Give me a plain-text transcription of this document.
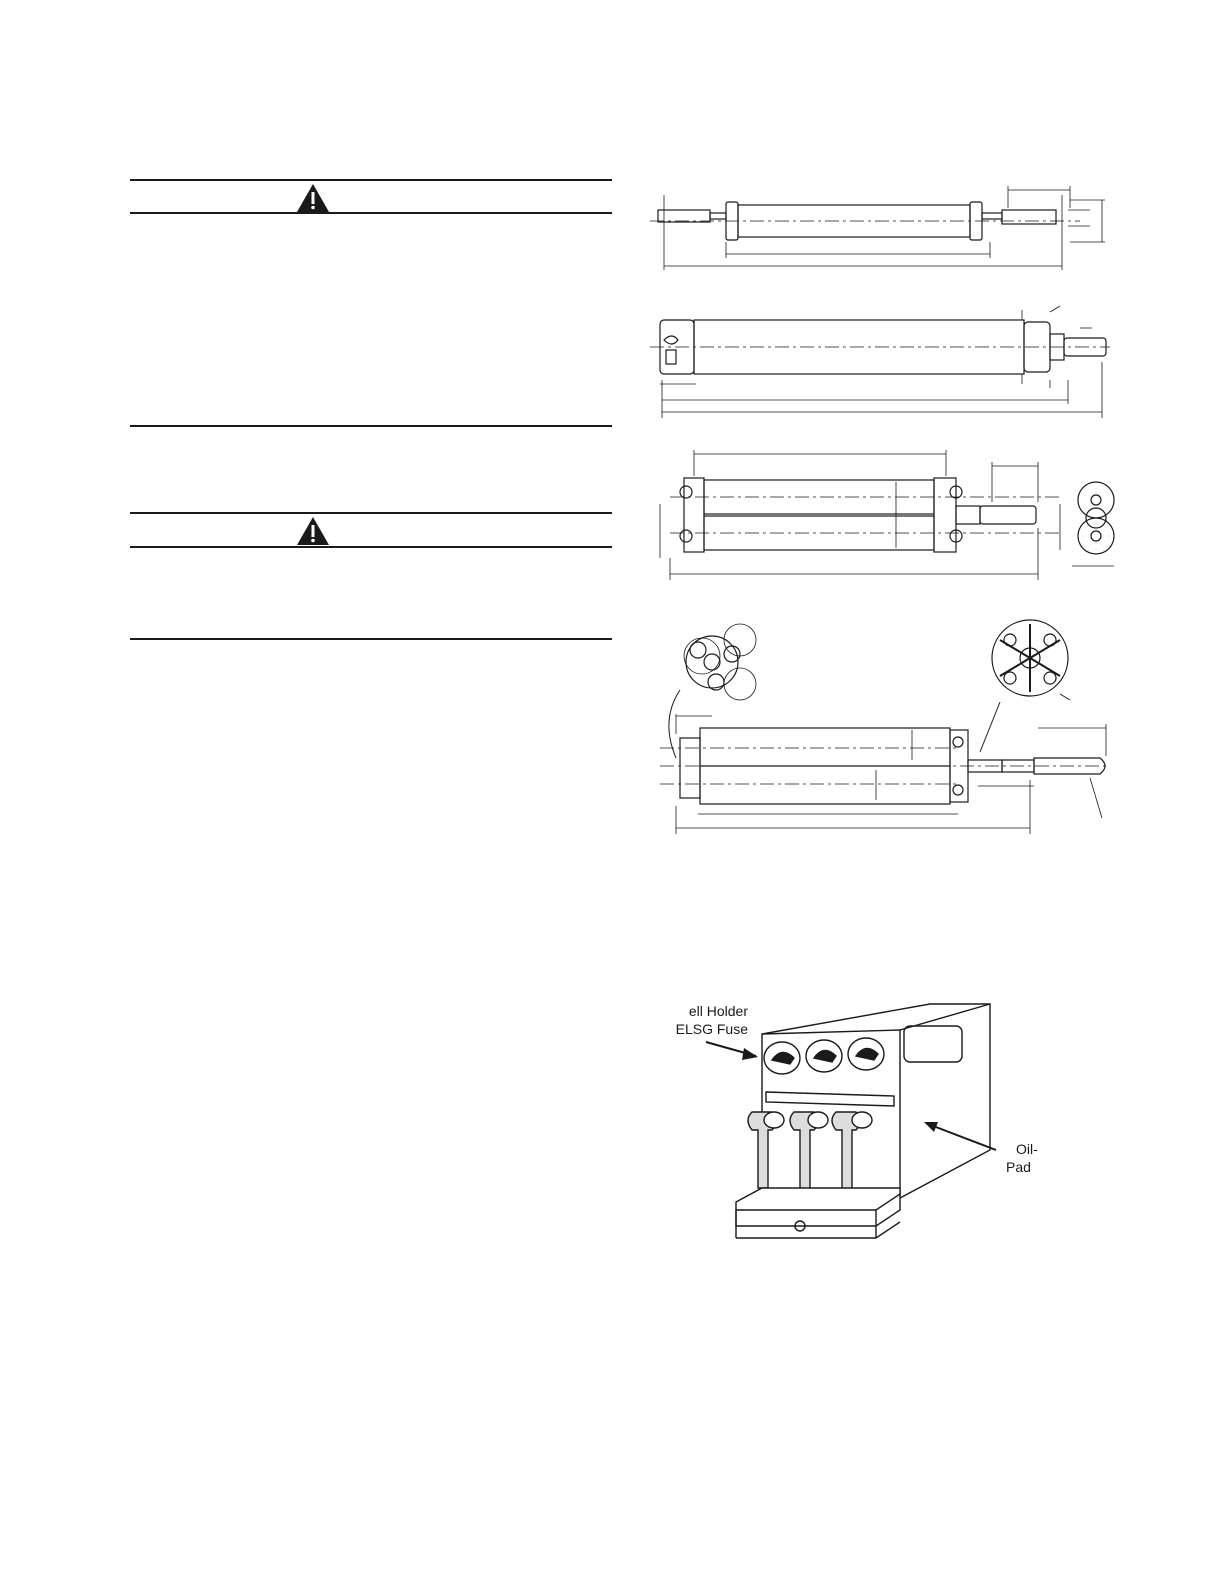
ell Holder
ELSG Fuse
Oil-
Pad
